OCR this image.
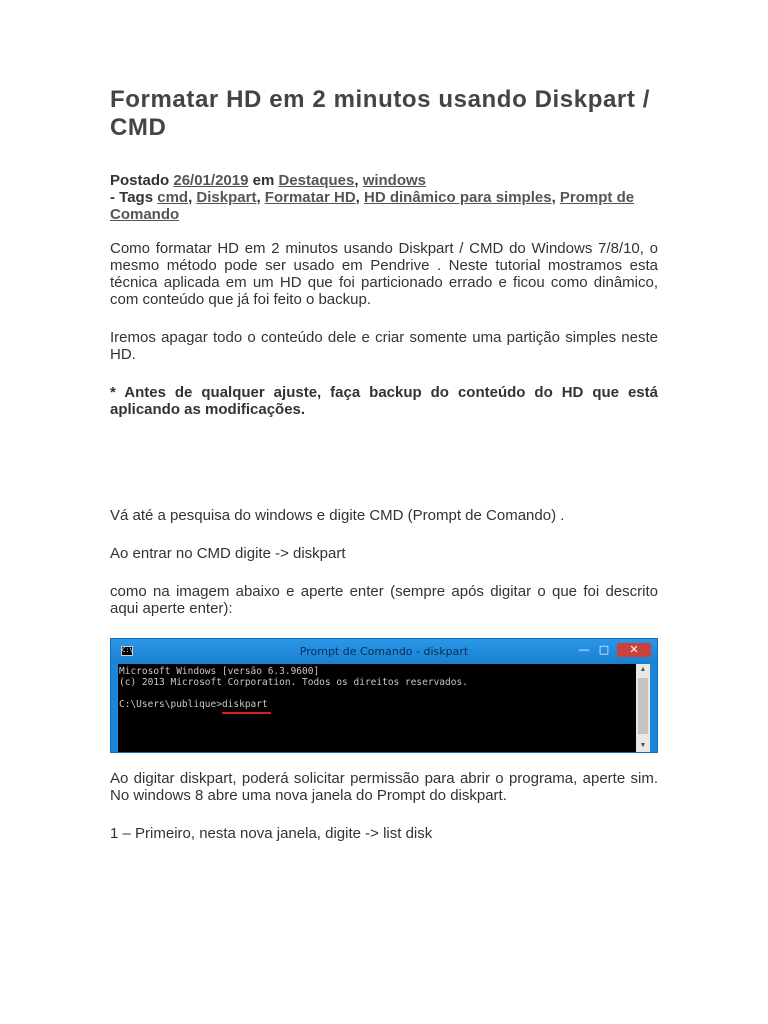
Formatar HD em 2 minutos usando Diskpart / CMD
Postado 26/01/2019 em Destaques, windows
- Tags cmd, Diskpart, Formatar HD, HD dinâmico para simples, Prompt de Comando

Como formatar HD em 2 minutos usando Diskpart / CMD do Windows 7/8/10, o mesmo método pode ser usado em Pendrive . Neste tutorial mostramos esta técnica aplicada em um HD que foi particionado errado e ficou como dinâmico, com conteúdo que já foi feito o backup.

Iremos apagar todo o conteúdo dele e criar somente uma partição simples neste HD.

* Antes de qualquer ajuste, faça backup do conteúdo do HD que está aplicando as modificações.

Vá até a pesquisa do windows e digite CMD (Prompt de Comando) .

Ao entrar no CMD digite -> diskpart

como na imagem abaixo e aperte enter (sempre após digitar o que foi descrito aqui aperte enter):

C:\	Prompt de Comando - diskpart	— □	✕
Microsoft Windows [versão 6.3.9600]
(c) 2013 Microsoft Corporation. Todos os direitos reservados.

C:\Users\publique>diskpart
▲
▼

Ao digitar diskpart, poderá solicitar permissão para abrir o programa, aperte sim. No windows 8 abre uma nova janela do Prompt do diskpart.

1 – Primeiro, nesta nova janela, digite -> list disk
